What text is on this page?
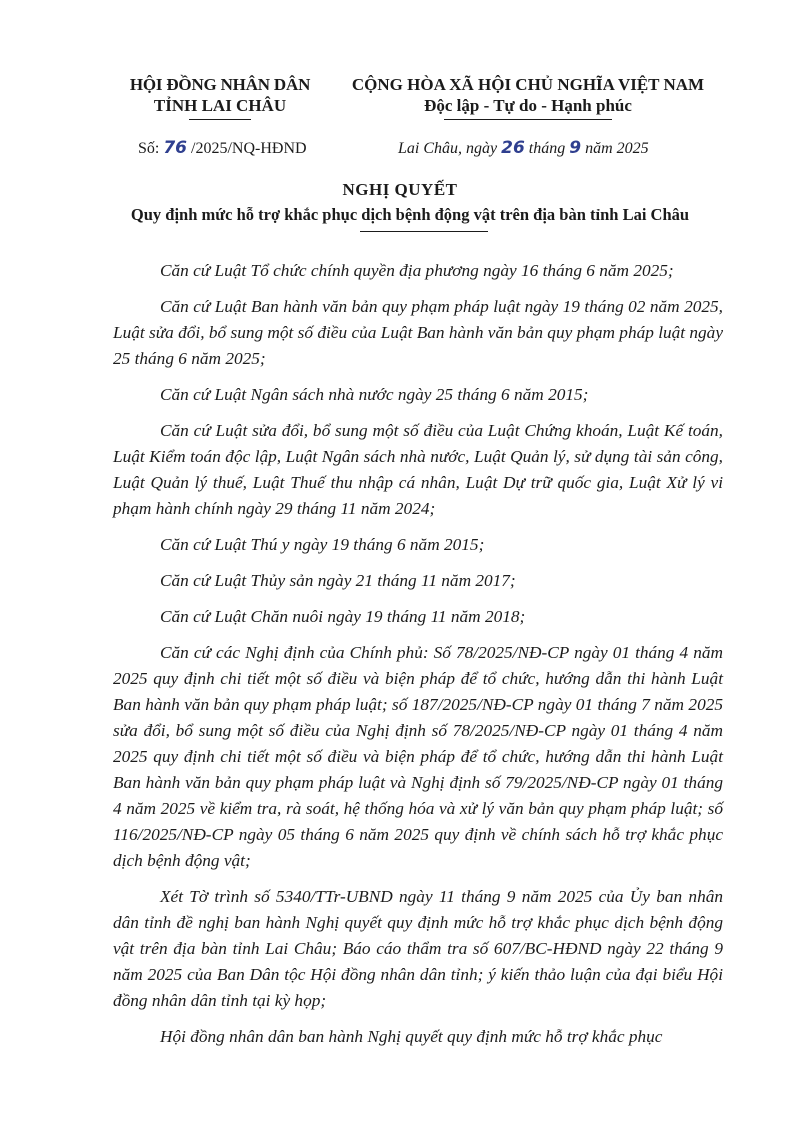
HỘI ĐỒNG NHÂN DÂN
TỈNH LAI CHÂU
CỘNG HÒA XÃ HỘI CHỦ NGHĨA VIỆT NAM
Độc lập - Tự do - Hạnh phúc
Số: 76 /2025/NQ-HĐND	Lai Châu, ngày 26 tháng 9 năm 2025
NGHỊ QUYẾT
Quy định mức hỗ trợ khắc phục dịch bệnh động vật trên địa bàn tỉnh Lai Châu

Căn cứ Luật Tổ chức chính quyền địa phương ngày 16 tháng 6 năm 2025;

Căn cứ Luật Ban hành văn bản quy phạm pháp luật ngày 19 tháng 02 năm 2025, Luật sửa đổi, bổ sung một số điều của Luật Ban hành văn bản quy phạm pháp luật ngày 25 tháng 6 năm 2025;

Căn cứ Luật Ngân sách nhà nước ngày 25 tháng 6 năm 2015;

Căn cứ Luật sửa đổi, bổ sung một số điều của Luật Chứng khoán, Luật Kế toán, Luật Kiểm toán độc lập, Luật Ngân sách nhà nước, Luật Quản lý, sử dụng tài sản công, Luật Quản lý thuế, Luật Thuế thu nhập cá nhân, Luật Dự trữ quốc gia, Luật Xử lý vi phạm hành chính ngày 29 tháng 11 năm 2024;

Căn cứ Luật Thú y ngày 19 tháng 6 năm 2015;

Căn cứ Luật Thủy sản ngày 21 tháng 11 năm 2017;

Căn cứ Luật Chăn nuôi ngày 19 tháng 11 năm 2018;

Căn cứ các Nghị định của Chính phủ: Số 78/2025/NĐ-CP ngày 01 tháng 4 năm 2025 quy định chi tiết một số điều và biện pháp để tổ chức, hướng dẫn thi hành Luật Ban hành văn bản quy phạm pháp luật; số 187/2025/NĐ-CP ngày 01 tháng 7 năm 2025 sửa đổi, bổ sung một số điều của Nghị định số 78/2025/NĐ-CP ngày 01 tháng 4 năm 2025 quy định chi tiết một số điều và biện pháp để tổ chức, hướng dẫn thi hành Luật Ban hành văn bản quy phạm pháp luật và Nghị định số 79/2025/NĐ-CP ngày 01 tháng 4 năm 2025 về kiểm tra, rà soát, hệ thống hóa và xử lý văn bản quy phạm pháp luật; số 116/2025/NĐ-CP ngày 05 tháng 6 năm 2025 quy định về chính sách hỗ trợ khắc phục dịch bệnh động vật;

Xét Tờ trình số 5340/TTr-UBND ngày 11 tháng 9 năm 2025 của Ủy ban nhân dân tỉnh đề nghị ban hành Nghị quyết quy định mức hỗ trợ khắc phục dịch bệnh động vật trên địa bàn tỉnh Lai Châu; Báo cáo thẩm tra số 607/BC-HĐND ngày 22 tháng 9 năm 2025 của Ban Dân tộc Hội đồng nhân dân tỉnh; ý kiến thảo luận của đại biểu Hội đồng nhân dân tỉnh tại kỳ họp;

Hội đồng nhân dân ban hành Nghị quyết quy định mức hỗ trợ khắc phục
